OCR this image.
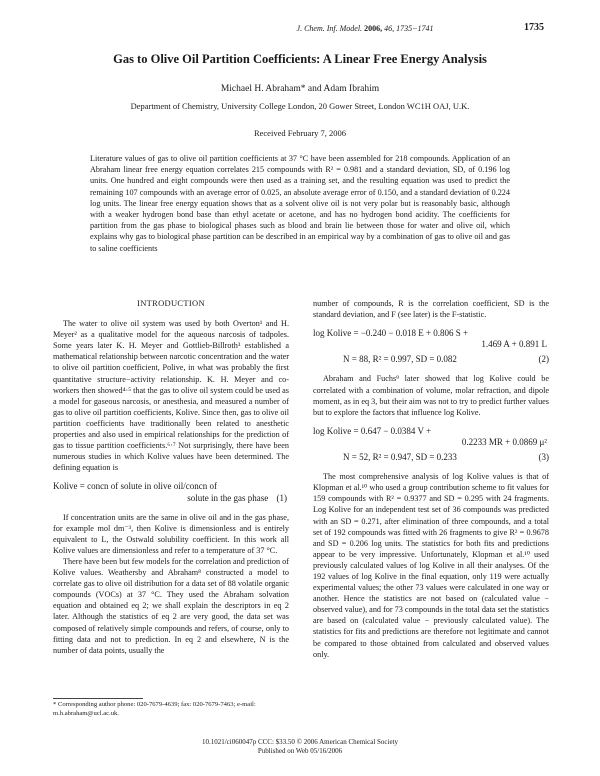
J. Chem. Inf. Model. 2006, 46, 1735−1741	1735
Gas to Olive Oil Partition Coefficients: A Linear Free Energy Analysis
Michael H. Abraham* and Adam Ibrahim
Department of Chemistry, University College London, 20 Gower Street, London WC1H OAJ, U.K.
Received February 7, 2006
Literature values of gas to olive oil partition coefficients at 37 °C have been assembled for 218 compounds. Application of an Abraham linear free energy equation correlates 215 compounds with R² = 0.981 and a standard deviation, SD, of 0.196 log units. One hundred and eight compounds were then used as a training set, and the resulting equation was used to predict the remaining 107 compounds with an average error of 0.025, an absolute average error of 0.150, and a standard deviation of 0.224 log units. The linear free energy equation shows that as a solvent olive oil is not very polar but is reasonably basic, although with a weaker hydrogen bond base than ethyl acetate or acetone, and has no hydrogen bond acidity. The coefficients for partition from the gas phase to biological phases such as blood and brain lie between those for water and olive oil, which explains why gas to biological phase partition can be described in an empirical way by a combination of gas to olive oil and gas to saline coefficients

INTRODUCTION

The water to olive oil system was used by both Overton¹ and H. Meyer² as a qualitative model for the aqueous narcosis of tadpoles. Some years later K. H. Meyer and Gottlieb-Billroth³ established a mathematical relationship between narcotic concentration and the water to olive oil partition coefficient, Polive, in what was probably the first quantitative structure−activity relationship. K. H. Meyer and co-workers then showed⁴·⁵ that the gas to olive oil system could be used as a model for gaseous narcosis, or anesthesia, and measured a number of gas to olive oil partition coefficients, Kolive. Since then, gas to olive oil partition coefficients have traditionally been related to anesthetic properties and also used in empirical relationships for the prediction of gas to tissue partition coefficients.⁶·⁷ Not surprisingly, there have been numerous studies in which Kolive values have been determined. The defining equation is

Kolive = concn of solute in olive oil/concn of
solute in the gas phase (1)

If concentration units are the same in olive oil and in the gas phase, for example mol dm⁻³, then Kolive is dimensionless and is entirely equivalent to L, the Ostwald solubility coefficient. In this work all Kolive values are dimensionless and refer to a temperature of 37 °C.

There have been but few models for the correlation and prediction of Kolive values. Weathersby and Abraham⁸ constructed a model to correlate gas to olive oil distribution for a data set of 88 volatile organic compounds (VOCs) at 37 °C. They used the Abraham solvation equation and obtained eq 2; we shall explain the descriptors in eq 2 later. Although the statistics of eq 2 are very good, the data set was composed of relatively simple compounds and refers, of course, only to fitting data and not to prediction. In eq 2 and elsewhere, N is the number of data points, usually the

number of compounds, R is the correlation coefficient, SD is the standard deviation, and F (see later) is the F-statistic.

log Kolive = −0.240 − 0.018 E + 0.806 S +
1.469 A + 0.891 L
N = 88, R² = 0.997, SD = 0.082	(2)

Abraham and Fuchs⁹ later showed that log Kolive could be correlated with a combination of volume, molar refraction, and dipole moment, as in eq 3, but their aim was not to try to predict further values but to explore the factors that influence log Kolive.

log Kolive = 0.647 − 0.0384 V +
0.2233 MR + 0.0869 μ²
N = 52, R² = 0.947, SD = 0.233	(3)

The most comprehensive analysis of log Kolive values is that of Klopman et al.¹⁰ who used a group contribution scheme to fit values for 159 compounds with R² = 0.9377 and SD = 0.295 with 24 fragments. Log Kolive for an independent test set of 36 compounds was predicted with an SD = 0.271, after elimination of three compounds, and a total set of 192 compounds was fitted with 26 fragments to give R² = 0.9678 and SD = 0.206 log units. The statistics for both fits and predictions appear to be very impressive. Unfortunately, Klopman et al.¹⁰ used previously calculated values of log Kolive in all their analyses. Of the 192 values of log Kolive in the final equation, only 119 were actually experimental values; the other 73 values were calculated in one way or another. Hence the statistics are not based on (calculated value − observed value), and for 73 compounds in the total data set the statistics are based on (calculated value − previously calculated value). The statistics for fits and predictions are therefore not legitimate and cannot be compared to those obtained from calculated and observed values only.

* Corresponding author phone: 020-7679-4639; fax: 020-7679-7463; e-mail: m.h.abraham@ucl.ac.uk.
10.1021/ci060047p CCC: $33.50 © 2006 American Chemical Society
Published on Web 05/16/2006
